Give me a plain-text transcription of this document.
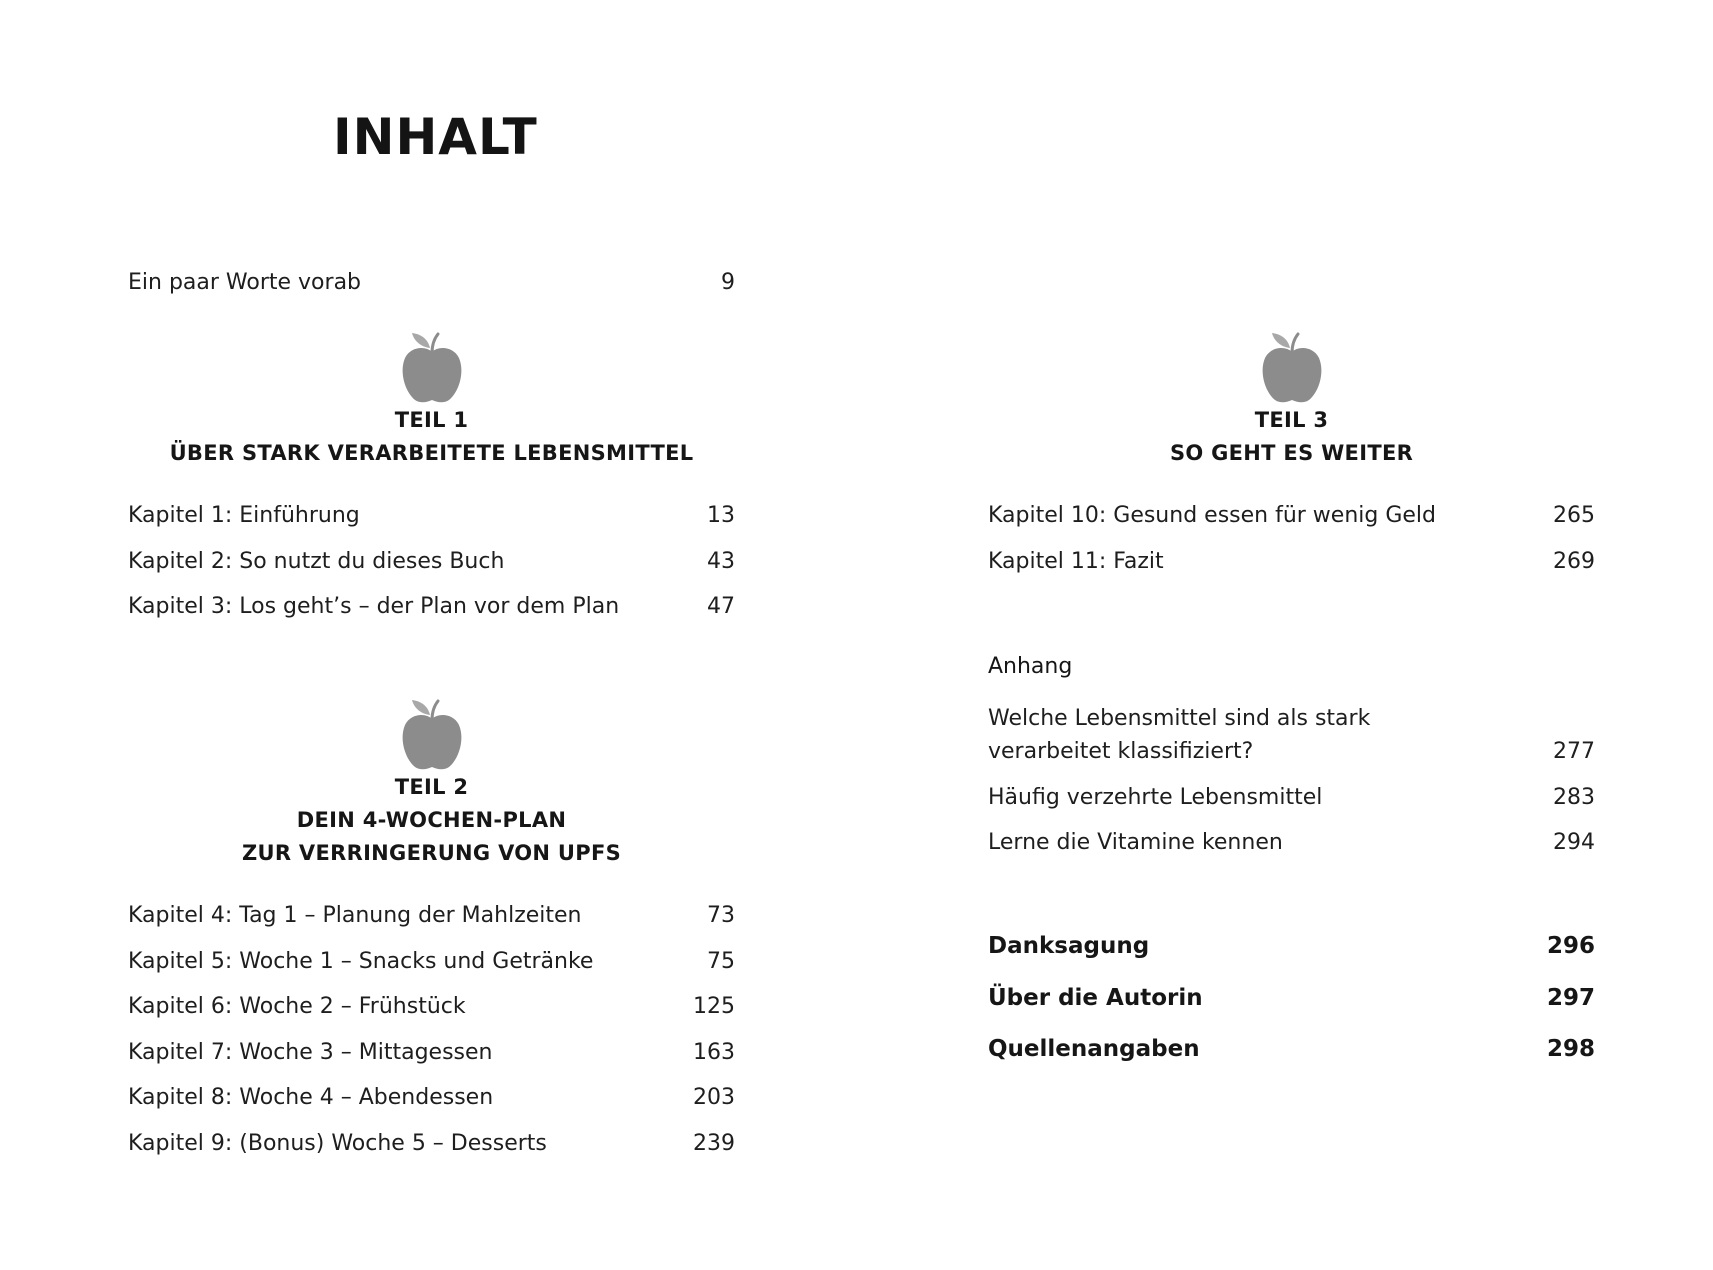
INHALT
Ein paar Worte vorab	9
TEIL 1
ÜBER STARK VERARBEITETE LEBENSMITTEL
Kapitel 1: Einführung	13
Kapitel 2: So nutzt du dieses Buch	43
Kapitel 3: Los geht’s – der Plan vor dem Plan	47
TEIL 2
DEIN 4-WOCHEN-PLAN
ZUR VERRINGERUNG VON UPFS
Kapitel 4: Tag 1 – Planung der Mahlzeiten	73
Kapitel 5: Woche 1 – Snacks und Getränke	75
Kapitel 6: Woche 2 – Frühstück	125
Kapitel 7: Woche 3 – Mittagessen	163
Kapitel 8: Woche 4 – Abendessen	203
Kapitel 9: (Bonus) Woche 5 – Desserts	239
TEIL 3
SO GEHT ES WEITER
Kapitel 10: Gesund essen für wenig Geld	265
Kapitel 11: Fazit	269
Anhang
Welche Lebensmittel sind als stark verarbeitet klassifiziert?	277
Häufig verzehrte Lebensmittel	283
Lerne die Vitamine kennen	294
Danksagung	296
Über die Autorin	297
Quellenangaben	298
